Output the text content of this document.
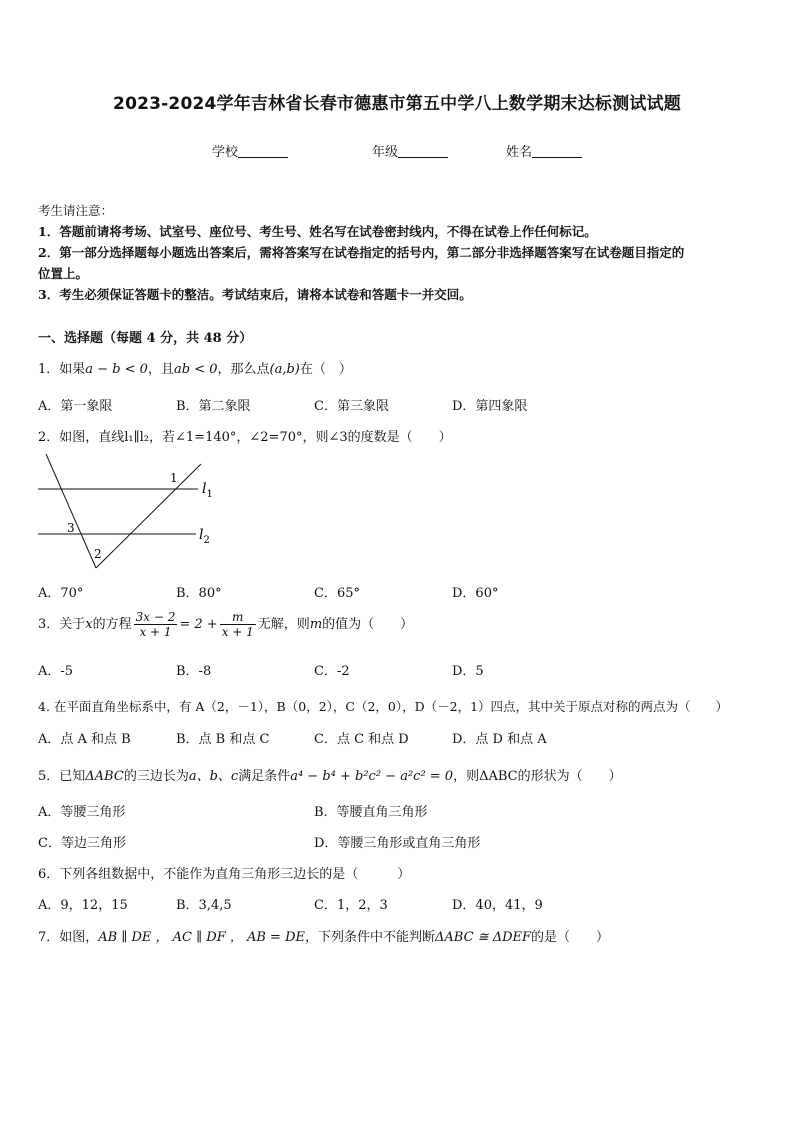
2023-2024学年吉林省长春市德惠市第五中学八上数学期末达标测试试题
学校	年级	姓名
考生请注意：
1．答题前请将考场、试室号、座位号、考生号、姓名写在试卷密封线内，不得在试卷上作任何标记。
2．第一部分选择题每小题选出答案后，需将答案写在试卷指定的括号内，第二部分非选择题答案写在试卷题目指定的
位置上。
3．考生必须保证答题卡的整洁。考试结束后，请将本试卷和答题卡一并交回。
一、选择题（每题 4 分，共 48 分）
1．如果a − b < 0，且ab < 0，那么点(a,b)在（　）
A．第一象限	B．第二象限	C．第三象限	D．第四象限
2．如图，直线l₁∥l₂，若∠1=140°，∠2=70°，则∠3的度数是（　　）
1
2
3
$l_1$
$l_2$
A．70°	B．80°	C．65°	D．60°
3．关于x的方程 $\frac{3x - 2}{x + 1} = 2 + \frac{m}{x + 1}$ 无解，则m的值为（　　）
A．-5	B．-8	C．-2	D．5
4. 在平面直角坐标系中，有 A（2，－1），B（0，2），C（2，0），D（－2，1）四点，其中关于原点对称的两点为（　　）
A．点 A 和点 B	B．点 B 和点 C	C．点 C 和点 D	D．点 D 和点 A
5．已知ΔABC的三边长为a、b、c满足条件a⁴ − b⁴ + b²c² − a²c² = 0，则ΔABC的形状为（　　）
A．等腰三角形	B．等腰直角三角形
C．等边三角形	D．等腰三角形或直角三角形
6．下列各组数据中，不能作为直角三角形三边长的是（　　　）
A．9，12，15	B．3,4,5	C．1，2，3	D．40，41，9
7．如图，AB ∥ DE ， AC ∥ DF ， AB = DE，下列条件中不能判断ΔABC ≅ ΔDEF的是（　　）
